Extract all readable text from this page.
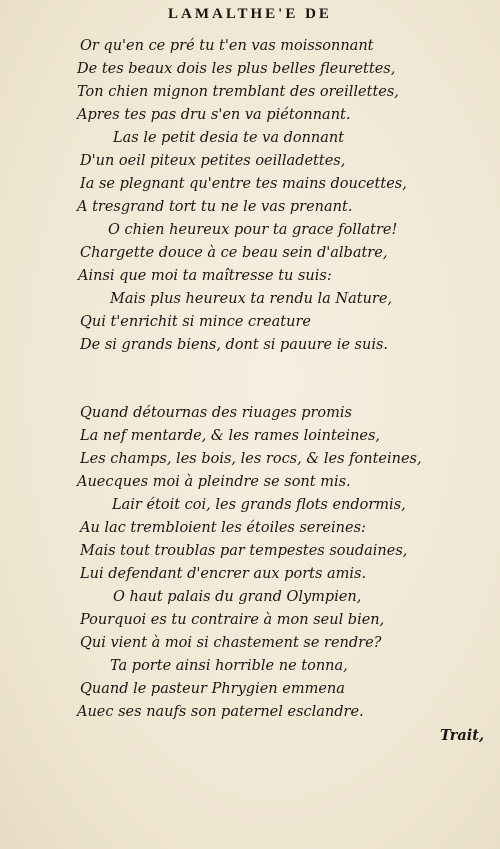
LAMALTHE'E DE
Or qu'en ce pré tu t'en vas moissonnant
De tes beaux dois les plus belles fleurettes,
Ton chien mignon tremblant des oreillettes,
Apres tes pas dru s'en va piétonnant.
Las le petit desia te va donnant
D'un oeil piteux petites oeilladettes,
Ia se plegnant qu'entre tes mains doucettes,
A tresgrand tort tu ne le vas prenant.
O chien heureux pour ta grace follatre!
Chargette douce à ce beau sein d'albatre,
Ainsi que moi ta maîtresse tu suis:
Mais plus heureux ta rendu la Nature,
Qui t'enrichit si mince creature
De si grands biens, dont si pauure ie suis.
Quand détournas des riuages promis
La nef mentarde, & les rames lointeines,
Les champs, les bois, les rocs, & les fonteines,
Auecques moi à pleindre se sont mis.
Lair étoit coi, les grands flots endormis,
Au lac trembloient les étoiles sereines:
Mais tout troublas par tempestes soudaines,
Lui defendant d'encrer aux ports amis.
O haut palais du grand Olympien,
Pourquoi es tu contraire à mon seul bien,
Qui vient à moi si chastement se rendre?
Ta porte ainsi horrible ne tonna,
Quand le pasteur Phrygien emmena
Auec ses naufs son paternel esclandre.
Trait,
